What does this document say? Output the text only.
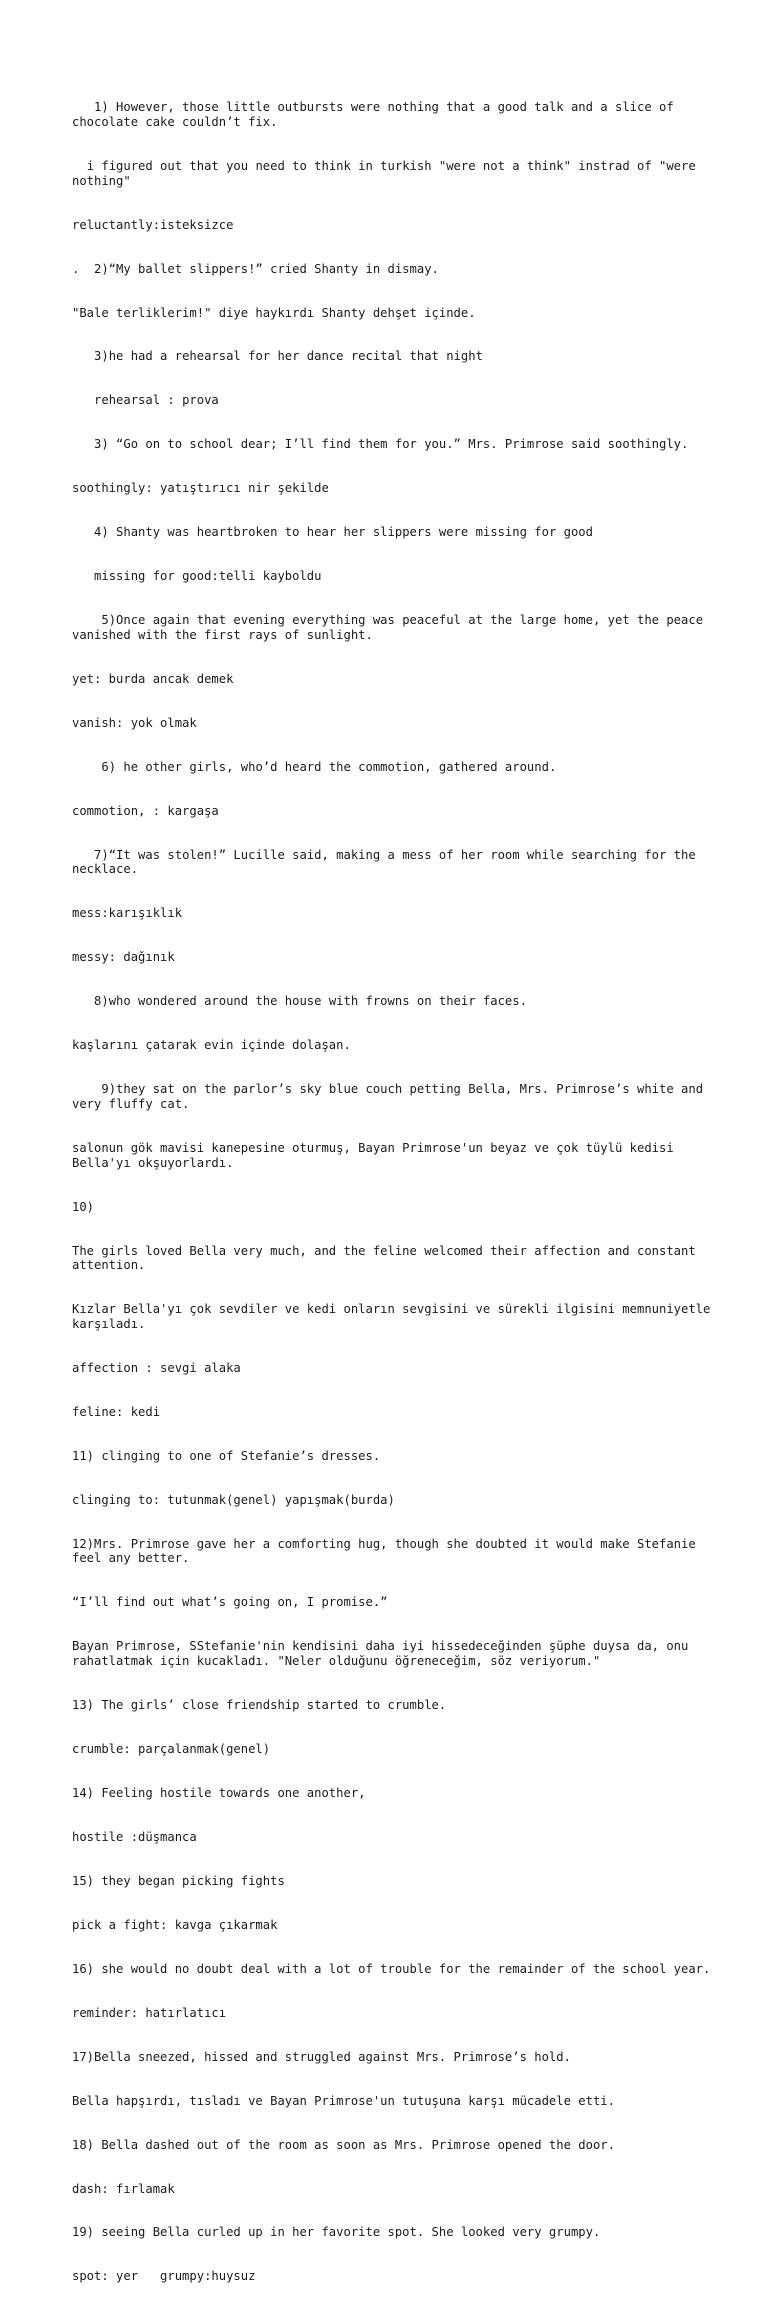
1) However, those little outbursts were nothing that a good talk and a slice of chocolate cake couldn’t fix.

i figured out that you need to think in turkish "were not a think" instrad of "were nothing"

reluctantly:isteksizce

.  2)“My ballet slippers!” cried Shanty in dismay.

"Bale terliklerim!" diye haykırdı Shanty dehşet içinde.

3)he had a rehearsal for her dance recital that night

rehearsal : prova

3) “Go on to school dear; I’ll find them for you.” Mrs. Primrose said soothingly.

soothingly: yatıştırıcı nir şekilde

4) Shanty was heartbroken to hear her slippers were missing for good

missing for good:telli kayboldu

5)Once again that evening everything was peaceful at the large home, yet the peace vanished with the first rays of sunlight.

yet: burda ancak demek

vanish: yok olmak

6) he other girls, who’d heard the commotion, gathered around.

commotion, : kargaşa

7)“It was stolen!” Lucille said, making a mess of her room while searching for the necklace.

mess:karışıklık

messy: dağınık

8)who wondered around the house with frowns on their faces.

kaşlarını çatarak evin içinde dolaşan.

9)they sat on the parlor’s sky blue couch petting Bella, Mrs. Primrose’s white and very fluffy cat.

salonun gök mavisi kanepesine oturmuş, Bayan Primrose'un beyaz ve çok tüylü kedisi Bella'yı okşuyorlardı.

10)

The girls loved Bella very much, and the feline welcomed their affection and constant attention.

Kızlar Bella'yı çok sevdiler ve kedi onların sevgisini ve sürekli ilgisini memnuniyetle karşıladı.

affection : sevgi alaka

feline: kedi

11) clinging to one of Stefanie’s dresses.

clinging to: tutunmak(genel) yapışmak(burda)

12)Mrs. Primrose gave her a comforting hug, though she doubted it would make Stefanie feel any better.

“I’ll find out what’s going on, I promise.”

Bayan Primrose, SStefanie'nin kendisini daha iyi hissedeceğinden şüphe duysa da, onu rahatlatmak için kucakladı. "Neler olduğunu öğreneceğim, söz veriyorum."

13) The girls’ close friendship started to crumble.

crumble: parçalanmak(genel)

14) Feeling hostile towards one another,

hostile :düşmanca

15) they began picking fights

pick a fight: kavga çıkarmak

16) she would no doubt deal with a lot of trouble for the remainder of the school year.

reminder: hatırlatıcı

17)Bella sneezed, hissed and struggled against Mrs. Primrose’s hold.

Bella hapşırdı, tısladı ve Bayan Primrose'un tutuşuna karşı mücadele etti.

18) Bella dashed out of the room as soon as Mrs. Primrose opened the door.

dash: fırlamak

19) seeing Bella curled up in her favorite spot. She looked very grumpy.

spot: yer   grumpy:huysuz
